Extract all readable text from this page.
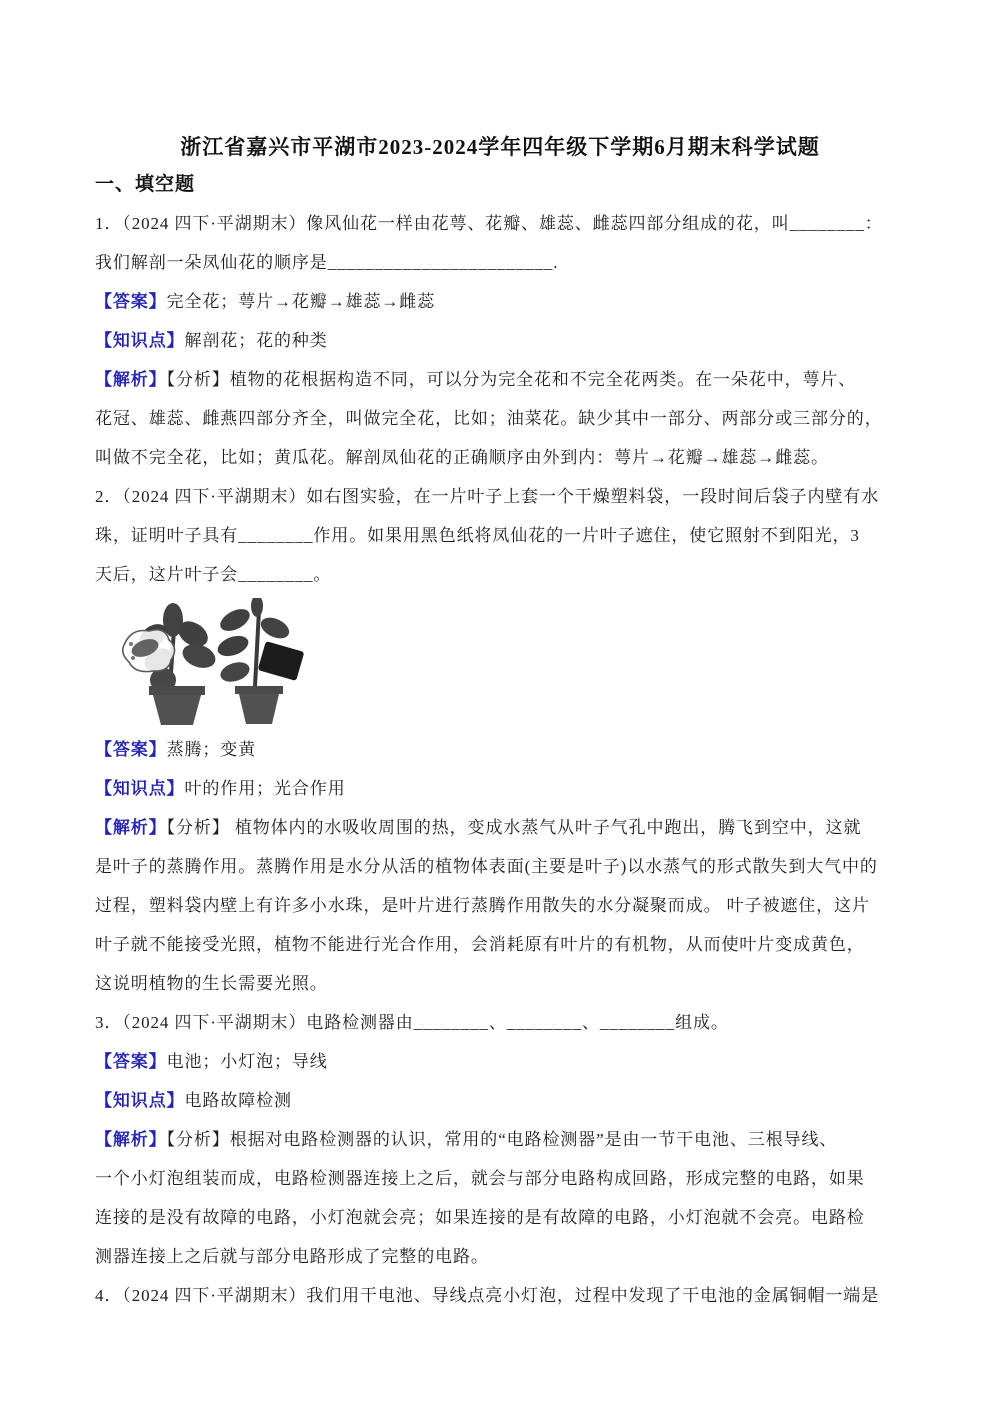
浙江省嘉兴市平湖市2023-2024学年四年级下学期6月期末科学试题
一、填空题
1．（2024 四下·平湖期末）像风仙花一样由花萼、花瓣、雄蕊、雌蕊四部分组成的花，叫________：
我们解剖一朵凤仙花的顺序是________________________.
【答案】完全花；萼片→花瓣→雄蕊→雌蕊
【知识点】解剖花；花的种类
【解析】【分析】植物的花根据构造不同，可以分为完全花和不完全花两类。在一朵花中，萼片、
花冠、雄蕊、雌燕四部分齐全，叫做完全花，比如；油菜花。缺少其中一部分、两部分或三部分的，
叫做不完全花，比如；黄瓜花。解剖凤仙花的正确顺序由外到内：萼片→花瓣→雄蕊→雌蕊。
2．（2024 四下·平湖期末）如右图实验，在一片叶子上套一个干燥塑料袋，一段时间后袋子内壁有水
珠，证明叶子具有________作用。如果用黑色纸将凤仙花的一片叶子遮住，使它照射不到阳光，3
天后，这片叶子会________。
【答案】蒸腾；变黄
【知识点】叶的作用；光合作用
【解析】【分析】 植物体内的水吸收周围的热，变成水蒸气从叶子气孔中跑出，腾飞到空中，这就
是叶子的蒸腾作用。蒸腾作用是水分从活的植物体表面(主要是叶子)以水蒸气的形式散失到大气中的
过程，塑料袋内壁上有许多小水珠，是叶片进行蒸腾作用散失的水分凝聚而成。 叶子被遮住，这片
叶子就不能接受光照，植物不能进行光合作用，会消耗原有叶片的有机物，从而使叶片变成黄色，
这说明植物的生长需要光照。
3．（2024 四下·平湖期末）电路检测器由________、________、________组成。
【答案】电池；小灯泡；导线
【知识点】电路故障检测
【解析】【分析】根据对电路检测器的认识，常用的“电路检测器”是由一节干电池、三根导线、
一个小灯泡组装而成，电路检测器连接上之后，就会与部分电路构成回路，形成完整的电路，如果
连接的是没有故障的电路，小灯泡就会亮；如果连接的是有故障的电路，小灯泡就不会亮。电路检
测器连接上之后就与部分电路形成了完整的电路。
4．（2024 四下·平湖期末）我们用干电池、导线点亮小灯泡，过程中发现了干电池的金属铜帽一端是
